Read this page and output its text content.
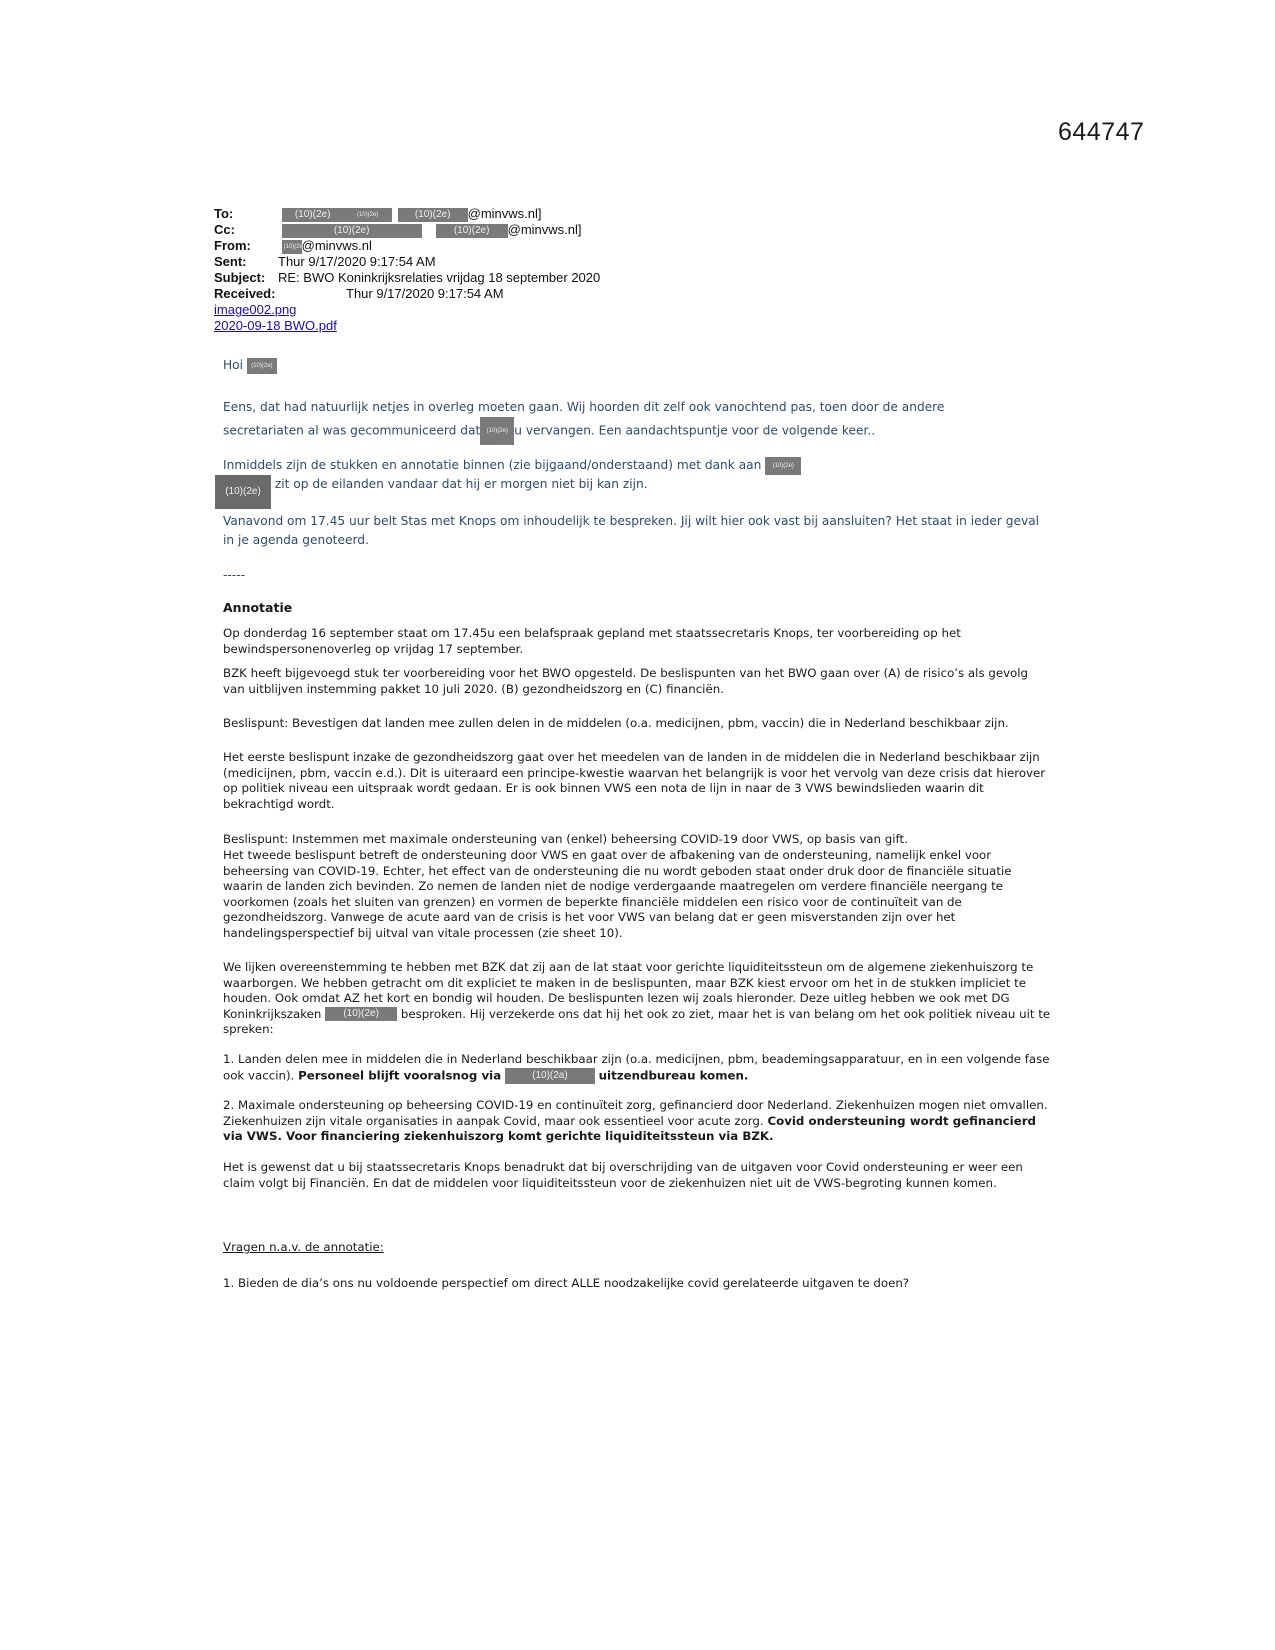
644747
To:	(10)(2e)	(10)(2e)	(10)(2e) @minvws.nl]
Cc:	(10)(2e)	(10)(2e) @minvws.nl]
From:	(10)(2e)@minvws.nl
Sent: Thur 9/17/2020 9:17:54 AM
Subject: RE: BWO Koninkrijksrelaties vrijdag 18 september 2020
Received:	Thur 9/17/2020 9:17:54 AM
image002.png
2020-09-18 BWO.pdf
Hoi (10)(2e)
Eens, dat had natuurlijk netjes in overleg moeten gaan. Wij hoorden dit zelf ook vanochtend pas, toen door de andere
secretariaten al was gecommuniceerd dat (10)(2e) u vervangen. Een aandachtspuntje voor de volgende keer..
Inmiddels zijn de stukken en annotatie binnen (zie bijgaand/onderstaand) met dank aan (10)(2e)
(10)(2e) zit op de eilanden vandaar dat hij er morgen niet bij kan zijn.
Vanavond om 17.45 uur belt Stas met Knops om inhoudelijk te bespreken. Jij wilt hier ook vast bij aansluiten? Het staat in ieder geval in je agenda genoteerd.
-----
Annotatie
Op donderdag 16 september staat om 17.45u een belafspraak gepland met staatssecretaris Knops, ter voorbereiding op het bewindspersonenoverleg op vrijdag 17 september.
BZK heeft bijgevoegd stuk ter voorbereiding voor het BWO opgesteld. De beslispunten van het BWO gaan over (A) de risico’s als gevolg van uitblijven instemming pakket 10 juli 2020. (B) gezondheidszorg en (C) financiën.
Beslispunt: Bevestigen dat landen mee zullen delen in de middelen (o.a. medicijnen, pbm, vaccin) die in Nederland beschikbaar zijn.
Het eerste beslispunt inzake de gezondheidszorg gaat over het meedelen van de landen in de middelen die in Nederland beschikbaar zijn (medicijnen, pbm, vaccin e.d.). Dit is uiteraard een principe-kwestie waarvan het belangrijk is voor het vervolg van deze crisis dat hierover op politiek niveau een uitspraak wordt gedaan. Er is ook binnen VWS een nota de lijn in naar de 3 VWS bewindslieden waarin dit bekrachtigd wordt.
Beslispunt: Instemmen met maximale ondersteuning van (enkel) beheersing COVID-19 door VWS, op basis van gift.
Het tweede beslispunt betreft de ondersteuning door VWS en gaat over de afbakening van de ondersteuning, namelijk enkel voor beheersing van COVID-19. Echter, het effect van de ondersteuning die nu wordt geboden staat onder druk door de financiële situatie waarin de landen zich bevinden. Zo nemen de landen niet de nodige verdergaande maatregelen om verdere financiële neergang te voorkomen (zoals het sluiten van grenzen) en vormen de beperkte financiële middelen een risico voor de continuïteit van de gezondheidszorg. Vanwege de acute aard van de crisis is het voor VWS van belang dat er geen misverstanden zijn over het handelingsperspectief bij uitval van vitale processen (zie sheet 10).
We lijken overeenstemming te hebben met BZK dat zij aan de lat staat voor gerichte liquiditeitssteun om de algemene ziekenhuiszorg te waarborgen. We hebben getracht om dit expliciet te maken in de beslispunten, maar BZK kiest ervoor om het in de stukken impliciet te houden. Ook omdat AZ het kort en bondig wil houden. De beslispunten lezen wij zoals hieronder. Deze uitleg hebben we ook met DG Koninkrijkszaken (10)(2e) besproken. Hij verzekerde ons dat hij het ook zo ziet, maar het is van belang om het ook politiek niveau uit te spreken:
1. Landen delen mee in middelen die in Nederland beschikbaar zijn (o.a. medicijnen, pbm, beademingsapparatuur, en in een volgende fase ook vaccin). Personeel blijft vooralsnog via	(10)(2a)	uitzendbureau komen.
2. Maximale ondersteuning op beheersing COVID-19 en continuïteit zorg, gefinancierd door Nederland. Ziekenhuizen mogen niet omvallen. Ziekenhuizen zijn vitale organisaties in aanpak Covid, maar ook essentieel voor acute zorg. Covid ondersteuning wordt gefinancierd via VWS. Voor financiering ziekenhuiszorg komt gerichte liquiditeitssteun via BZK.
Het is gewenst dat u bij staatssecretaris Knops benadrukt dat bij overschrijding van de uitgaven voor Covid ondersteuning er weer een claim volgt bij Financiën. En dat de middelen voor liquiditeitssteun voor de ziekenhuizen niet uit de VWS-begroting kunnen komen.
Vragen n.a.v. de annotatie:
1. Bieden de dia’s ons nu voldoende perspectief om direct ALLE noodzakelijke covid gerelateerde uitgaven te doen?
